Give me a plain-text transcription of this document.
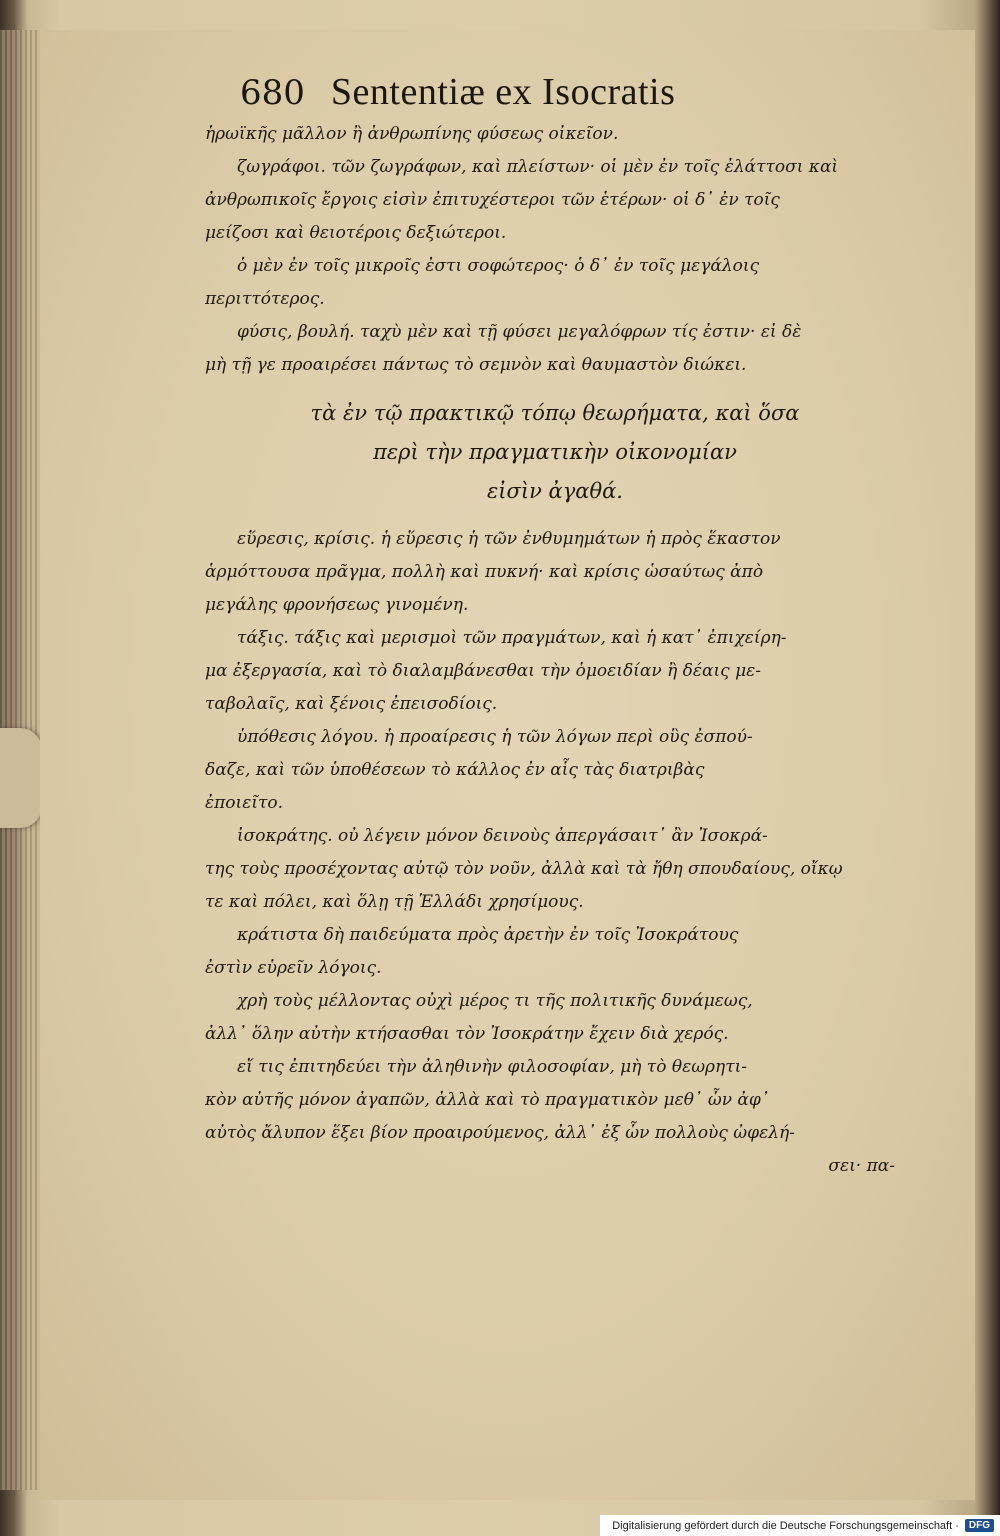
680 Sententiæ ex Isocratis
ἡρωϊκῆς μᾶλλον ἢ ἀνθρωπίνης φύσεως οἰκεῖον.
ζωγράφοι. τῶν ζωγράφων, καὶ πλείστων· οἱ μὲν ἐν τοῖς ἐλάττοσι καὶ
ἀνθρωπικοῖς ἔργοις εἰσὶν ἐπιτυχέστεροι τῶν ἑτέρων· οἱ δ᾽ ἐν τοῖς
μείζοσι καὶ θειοτέροις δεξιώτεροι.
ὁ μὲν ἐν τοῖς μικροῖς ἐστι σοφώτερος· ὁ δ᾽ ἐν τοῖς μεγάλοις
περιττότερος.
φύσις, βουλή. ταχὺ μὲν καὶ τῇ φύσει μεγαλόφρων τίς ἐστιν· εἰ δὲ
μὴ τῇ γε προαιρέσει πάντως τὸ σεμνὸν καὶ θαυμαστὸν διώκει.
τὰ ἐν τῷ πρακτικῷ τόπῳ θεωρήματα, καὶ ὅσα
περὶ τὴν πραγματικὴν οἰκονομίαν
εἰσὶν ἀγαθά.
εὕρεσις, κρίσις. ἡ εὕρεσις ἡ τῶν ἐνθυμημάτων ἡ πρὸς ἕκαστον
ἁρμόττουσα πρᾶγμα, πολλὴ καὶ πυκνή· καὶ κρίσις ὡσαύτως ἀπὸ
μεγάλης φρονήσεως γινομένη.
τάξις. τάξις καὶ μερισμοὶ τῶν πραγμάτων, καὶ ἡ κατ᾽ ἐπιχείρη-
μα ἐξεργασία, καὶ τὸ διαλαμβάνεσθαι τὴν ὁμοειδίαν ἢ δέαις με-
ταβολαῖς, καὶ ξένοις ἐπεισοδίοις.
ὑπόθεσις λόγου. ἡ προαίρεσις ἡ τῶν λόγων περὶ οὓς ἐσπού-
δαζε, καὶ τῶν ὑποθέσεων τὸ κάλλος ἐν αἷς τὰς διατριβὰς
ἐποιεῖτο.
ἰσοκράτης. οὐ λέγειν μόνον δεινοὺς ἀπεργάσαιτ᾽ ἂν Ἰσοκρά-
της τοὺς προσέχοντας αὐτῷ τὸν νοῦν, ἀλλὰ καὶ τὰ ἤθη σπουδαίους, οἴκῳ
τε καὶ πόλει, καὶ ὅλῃ τῇ Ἑλλάδι χρησίμους.
κράτιστα δὴ παιδεύματα πρὸς ἀρετὴν ἐν τοῖς Ἰσοκράτους
ἐστὶν εὑρεῖν λόγοις.
χρὴ τοὺς μέλλοντας οὐχὶ μέρος τι τῆς πολιτικῆς δυνάμεως,
ἀλλ᾽ ὅλην αὐτὴν κτήσασθαι τὸν Ἰσοκράτην ἔχειν διὰ χερός.
εἴ τις ἐπιτηδεύει τὴν ἀληθινὴν φιλοσοφίαν, μὴ τὸ θεωρητι-
κὸν αὐτῆς μόνον ἀγαπῶν, ἀλλὰ καὶ τὸ πραγματικὸν μεθ᾽ ὧν ἀφ᾽
αὐτὸς ἄλυπον ἕξει βίον προαιρούμενος, ἀλλ᾽ ἐξ ὧν πολλοὺς ὠφελή-
σει· πα-
Digitalisierung gefördert durch die Deutsche Forschungsgemeinschaft ·	DFG
